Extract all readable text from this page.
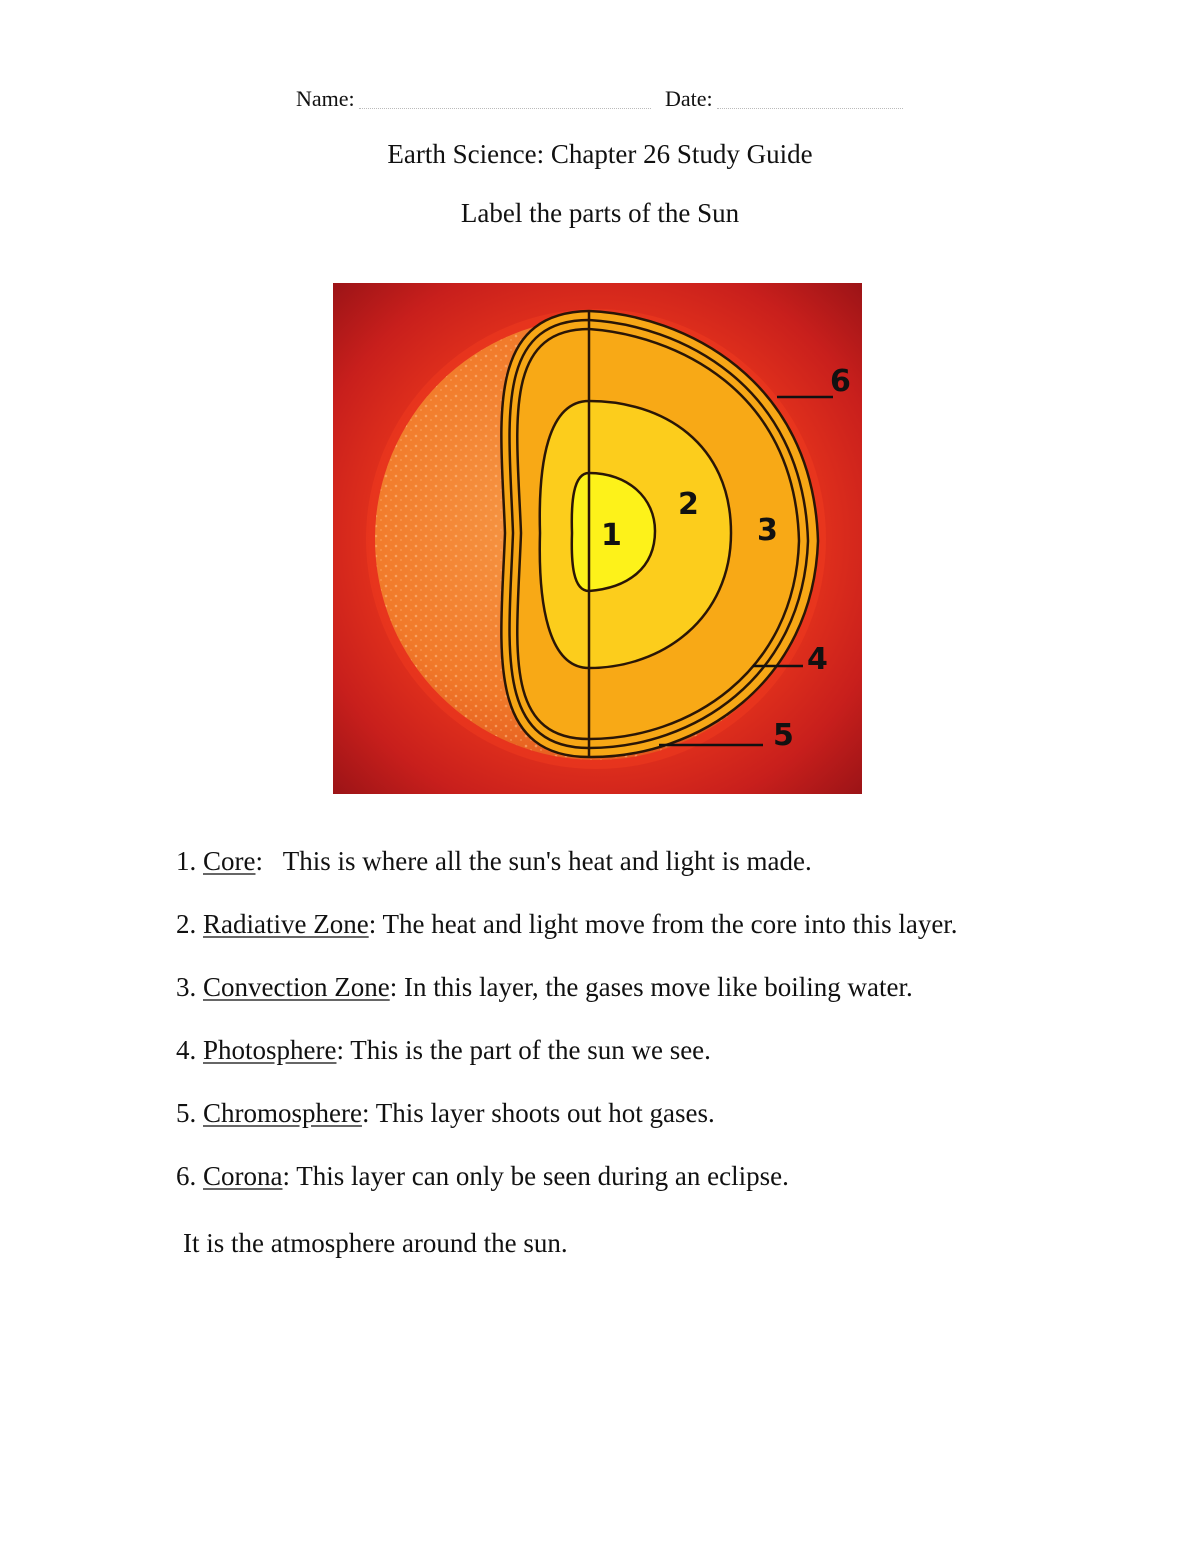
Name:	Date:
Earth Science: Chapter 26 Study Guide
Label the parts of the Sun
1
2
3
4
5
6
1. Core:   This is where all the sun's heat and light is made.
2. Radiative Zone: The heat and light move from the core into this layer.
3. Convection Zone: In this layer, the gases move like boiling water.
4. Photosphere: This is the part of the sun we see.
5. Chromosphere: This layer shoots out hot gases.
6. Corona: This layer can only be seen during an eclipse.
It is the atmosphere around the sun.
